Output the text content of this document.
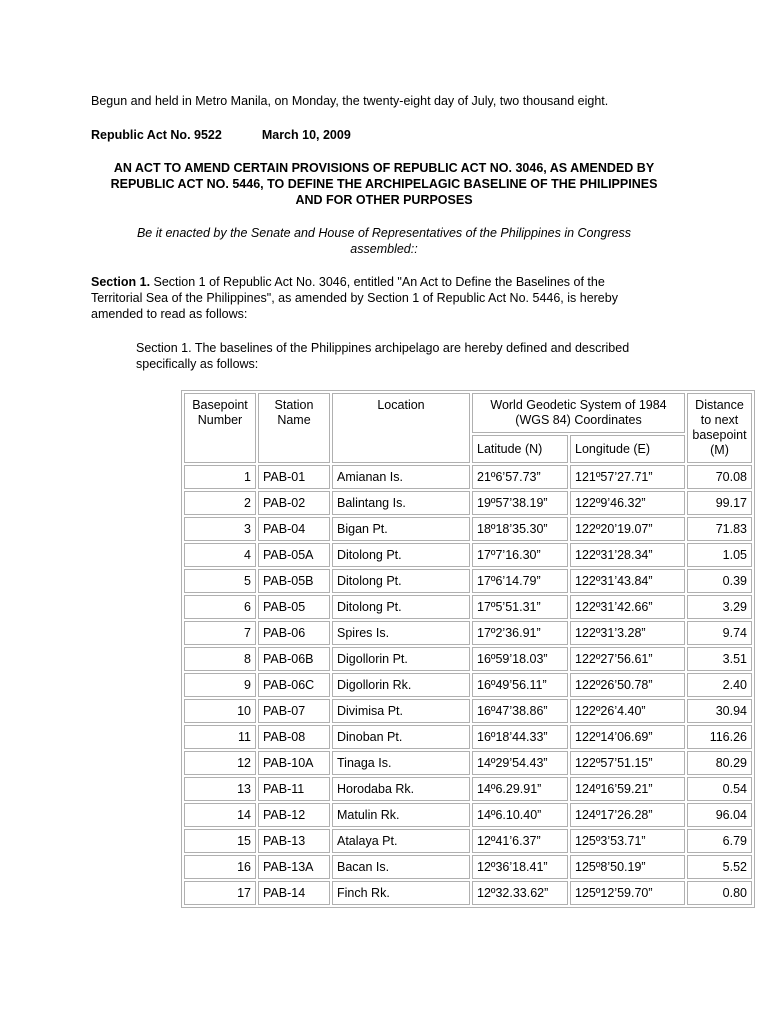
Begun and held in Metro Manila, on Monday, the twenty-eight day of July, two thousand eight.

Republic Act No. 9522	March 10, 2009

AN ACT TO AMEND CERTAIN PROVISIONS OF REPUBLIC ACT NO. 3046, AS AMENDED BY REPUBLIC ACT NO. 5446, TO DEFINE THE ARCHIPELAGIC BASELINE OF THE PHILIPPINES AND FOR OTHER PURPOSES

Be it enacted by the Senate and House of Representatives of the Philippines in Congress assembled::

Section 1. Section 1 of Republic Act No. 3046, entitled "An Act to Define the Baselines of the Territorial Sea of the Philippines", as amended by Section 1 of Republic Act No. 5446, is hereby amended to read as follows:

Section 1. The baselines of the Philippines archipelago are hereby defined and described specifically as follows:

Basepoint Number	Station Name	Location	World Geodetic System of 1984 (WGS 84) Coordinates		Distance to next basepoint (M)
			Latitude (N)	Longitude (E)	
1	PAB-01	Amianan Is.	21º6’57.73”	121º57’27.71”	70.08
2	PAB-02	Balintang Is.	19º57’38.19”	122º9’46.32”	99.17
3	PAB-04	Bigan Pt.	18º18’35.30”	122º20’19.07”	71.83
4	PAB-05A	Ditolong Pt.	17º7’16.30”	122º31’28.34”	1.05
5	PAB-05B	Ditolong Pt.	17º6’14.79”	122º31’43.84”	0.39
6	PAB-05	Ditolong Pt.	17º5’51.31”	122º31’42.66”	3.29
7	PAB-06	Spires Is.	17º2’36.91”	122º31’3.28”	9.74
8	PAB-06B	Digollorin Pt.	16º59’18.03”	122º27’56.61”	3.51
9	PAB-06C	Digollorin Rk.	16º49’56.11”	122º26’50.78”	2.40
10	PAB-07	Divimisa Pt.	16º47’38.86”	122º26’4.40”	30.94
11	PAB-08	Dinoban Pt.	16º18’44.33”	122º14’06.69”	116.26
12	PAB-10A	Tinaga Is.	14º29’54.43”	122º57’51.15”	80.29
13	PAB-11	Horodaba Rk.	14º6.29.91”	124º16’59.21”	0.54
14	PAB-12	Matulin Rk.	14º6.10.40”	124º17’26.28”	96.04
15	PAB-13	Atalaya Pt.	12º41’6.37”	125º3’53.71”	6.79
16	PAB-13A	Bacan Is.	12º36’18.41”	125º8’50.19”	5.52
17	PAB-14	Finch Rk.	12º32.33.62”	125º12’59.70”	0.80
